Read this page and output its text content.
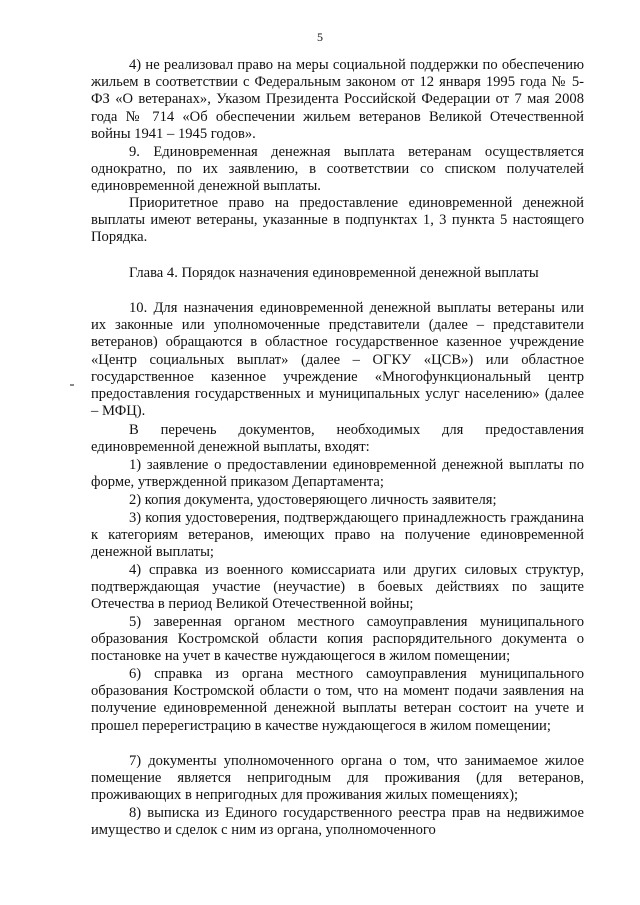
5

4) не реализовал право на меры социальной поддержки по обеспечению жильем в соответствии с Федеральным законом от 12 января 1995 года № 5-ФЗ «О ветеранах», Указом Президента Российской Федерации от 7 мая 2008 года № 714 «Об обеспечении жильем ветеранов Великой Отечественной войны 1941 – 1945 годов».

9. Единовременная денежная выплата ветеранам осуществляется однократно, по их заявлению, в соответствии со списком получателей единовременной денежной выплаты.

Приоритетное право на предоставление единовременной денежной выплаты имеют ветераны, указанные в подпунктах 1, 3 пункта 5 настоящего Порядка.

Глава 4. Порядок назначения единовременной денежной выплаты

10. Для назначения единовременной денежной выплаты ветераны или их законные или уполномоченные представители (далее – представители ветеранов) обращаются в областное государственное казенное учреждение «Центр социальных выплат» (далее – ОГКУ «ЦСВ») или областное государственное казенное учреждение «Многофункциональный центр предоставления государственных и муниципальных услуг населению» (далее – МФЦ).

В перечень документов, необходимых для предоставления единовременной денежной выплаты, входят:

1) заявление о предоставлении единовременной денежной выплаты по форме, утвержденной приказом Департамента;

2) копия документа, удостоверяющего личность заявителя;

3) копия удостоверения, подтверждающего принадлежность гражданина к категориям ветеранов, имеющих право на получение единовременной денежной выплаты;

4) справка из военного комиссариата или других силовых структур, подтверждающая участие (неучастие) в боевых действиях по защите Отечества в период Великой Отечественной войны;

5) заверенная органом местного самоуправления муниципального образования Костромской области копия распорядительного документа о постановке на учет в качестве нуждающегося в жилом помещении;

6) справка из органа местного самоуправления муниципального образования Костромской области о том, что на момент подачи заявления на получение единовременной денежной выплаты ветеран состоит на учете и прошел перерегистрацию в качестве нуждающегося в жилом помещении;

7) документы уполномоченного органа о том, что занимаемое жилое помещение является непригодным для проживания (для ветеранов, проживающих в непригодных для проживания жилых помещениях);

8) выписка из Единого государственного реестра прав на недвижимое имущество и сделок с ним из органа, уполномоченного
